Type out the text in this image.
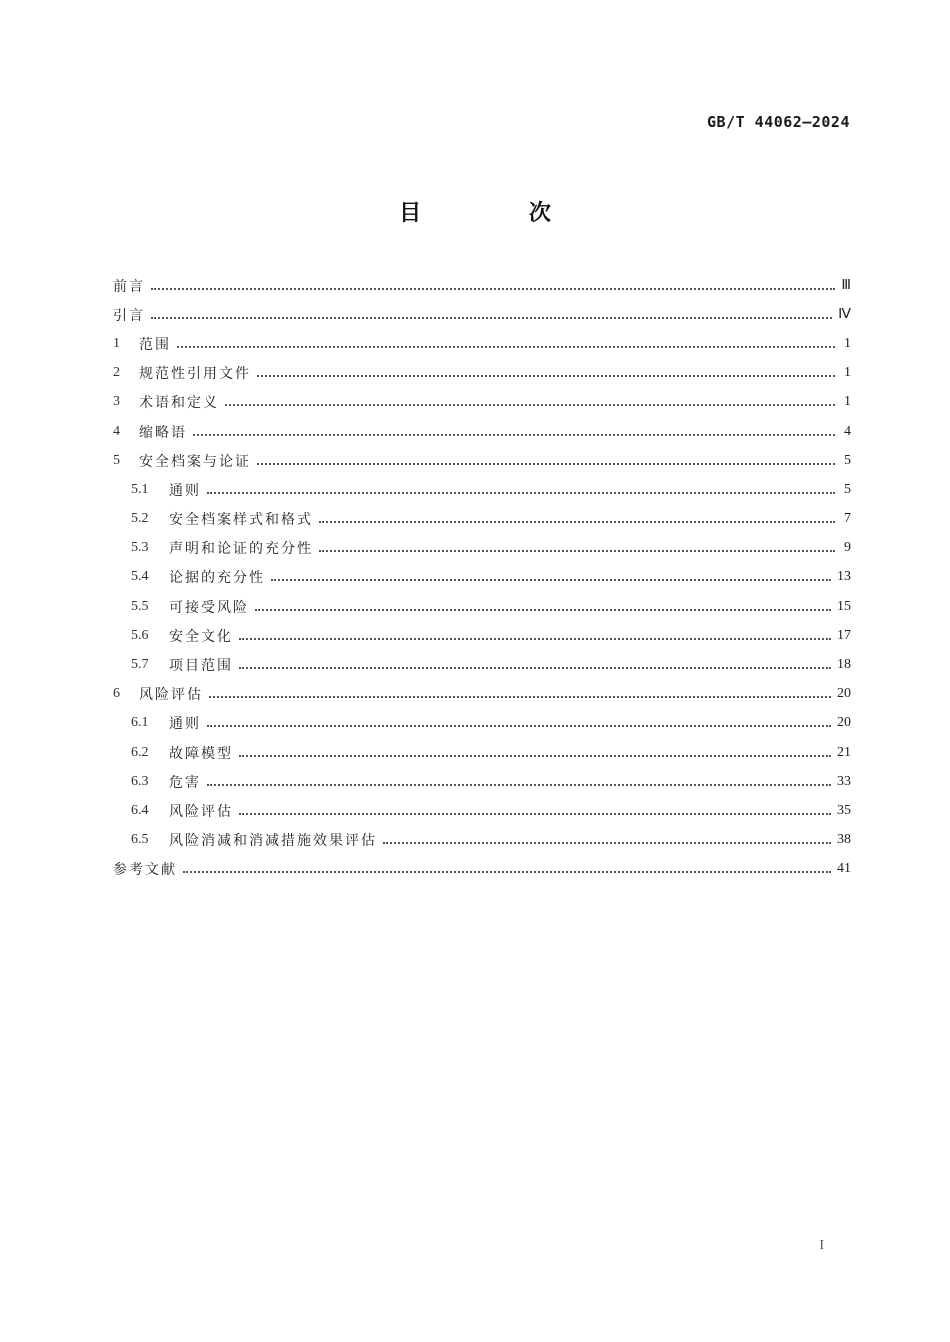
GB/T 44062—2024
目 次
前言	Ⅲ
引言	Ⅳ
1	范围	1
2	规范性引用文件	1
3	术语和定义	1
4	缩略语	4
5	安全档案与论证	5
5.1	通则	5
5.2	安全档案样式和格式	7
5.3	声明和论证的充分性	9
5.4	论据的充分性	13
5.5	可接受风险	15
5.6	安全文化	17
5.7	项目范围	18
6	风险评估	20
6.1	通则	20
6.2	故障模型	21
6.3	危害	33
6.4	风险评估	35
6.5	风险消减和消减措施效果评估	38
参考文献	41
I
